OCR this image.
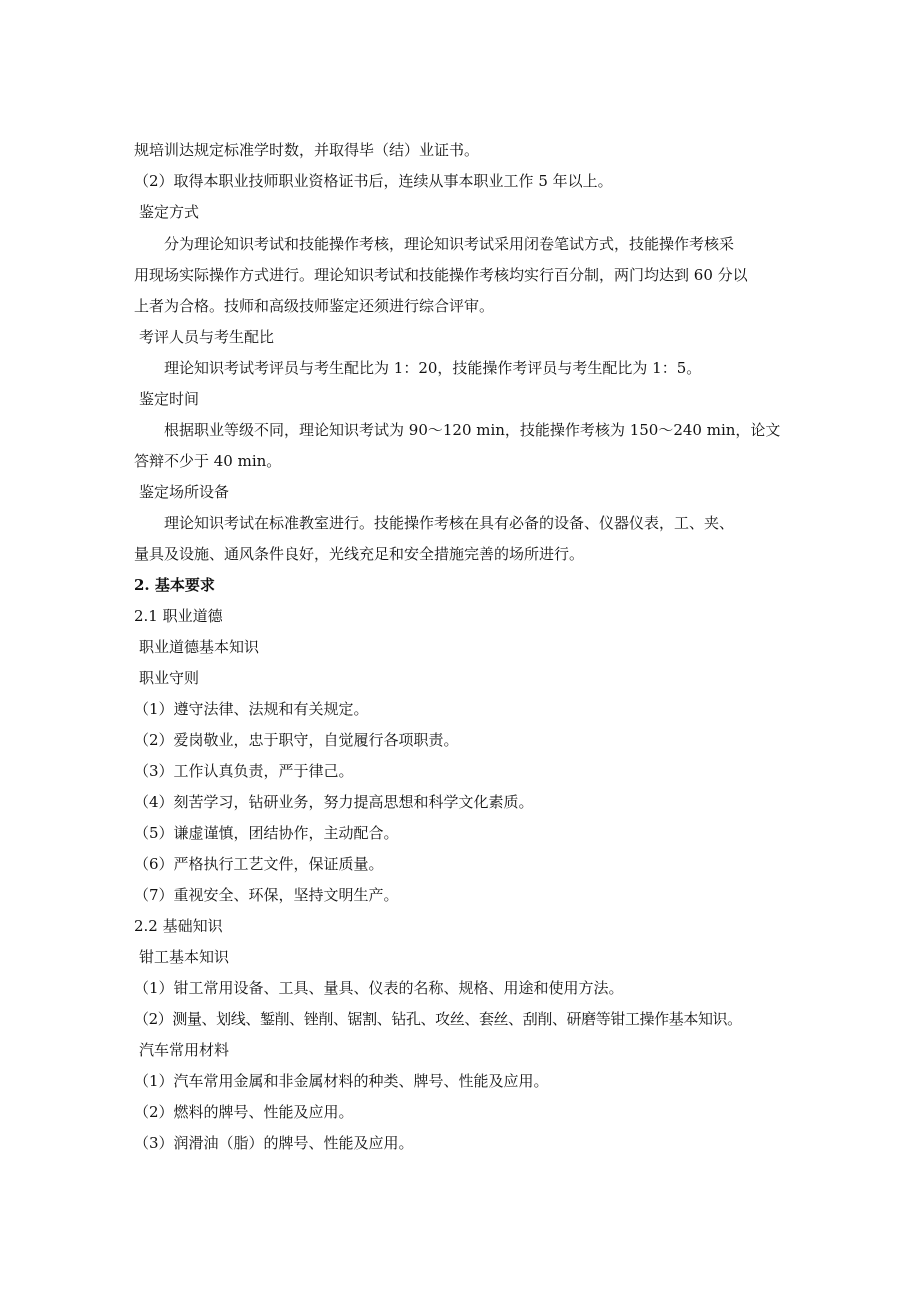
规培训达规定标准学时数，并取得毕（结）业证书。
（2）取得本职业技师职业资格证书后，连续从事本职业工作 5 年以上。
鉴定方式
分为理论知识考试和技能操作考核，理论知识考试采用闭卷笔试方式，技能操作考核采
用现场实际操作方式进行。理论知识考试和技能操作考核均实行百分制，两门均达到 60 分以
上者为合格。技师和高级技师鉴定还须进行综合评审。
考评人员与考生配比
理论知识考试考评员与考生配比为 1：20，技能操作考评员与考生配比为 1：5。
鉴定时间
根据职业等级不同，理论知识考试为 90～120 min，技能操作考核为 150～240 min，论文
答辩不少于 40 min。
鉴定场所设备
理论知识考试在标准教室进行。技能操作考核在具有必备的设备、仪器仪表，工、夹、
量具及设施、通风条件良好，光线充足和安全措施完善的场所进行。
2. 基本要求
2.1 职业道德
职业道德基本知识
职业守则
（1）遵守法律、法规和有关规定。
（2）爱岗敬业，忠于职守，自觉履行各项职责。
（3）工作认真负责，严于律己。
（4）刻苦学习，钻研业务，努力提高思想和科学文化素质。
（5）谦虚谨慎，团结协作，主动配合。
（6）严格执行工艺文件，保证质量。
（7）重视安全、环保，坚持文明生产。
2.2 基础知识
钳工基本知识
（1）钳工常用设备、工具、量具、仪表的名称、规格、用途和使用方法。
（2）测量、划线、錾削、锉削、锯割、钻孔、攻丝、套丝、刮削、研磨等钳工操作基本知识。
汽车常用材料
（1）汽车常用金属和非金属材料的种类、牌号、性能及应用。
（2）燃料的牌号、性能及应用。
（3）润滑油（脂）的牌号、性能及应用。
